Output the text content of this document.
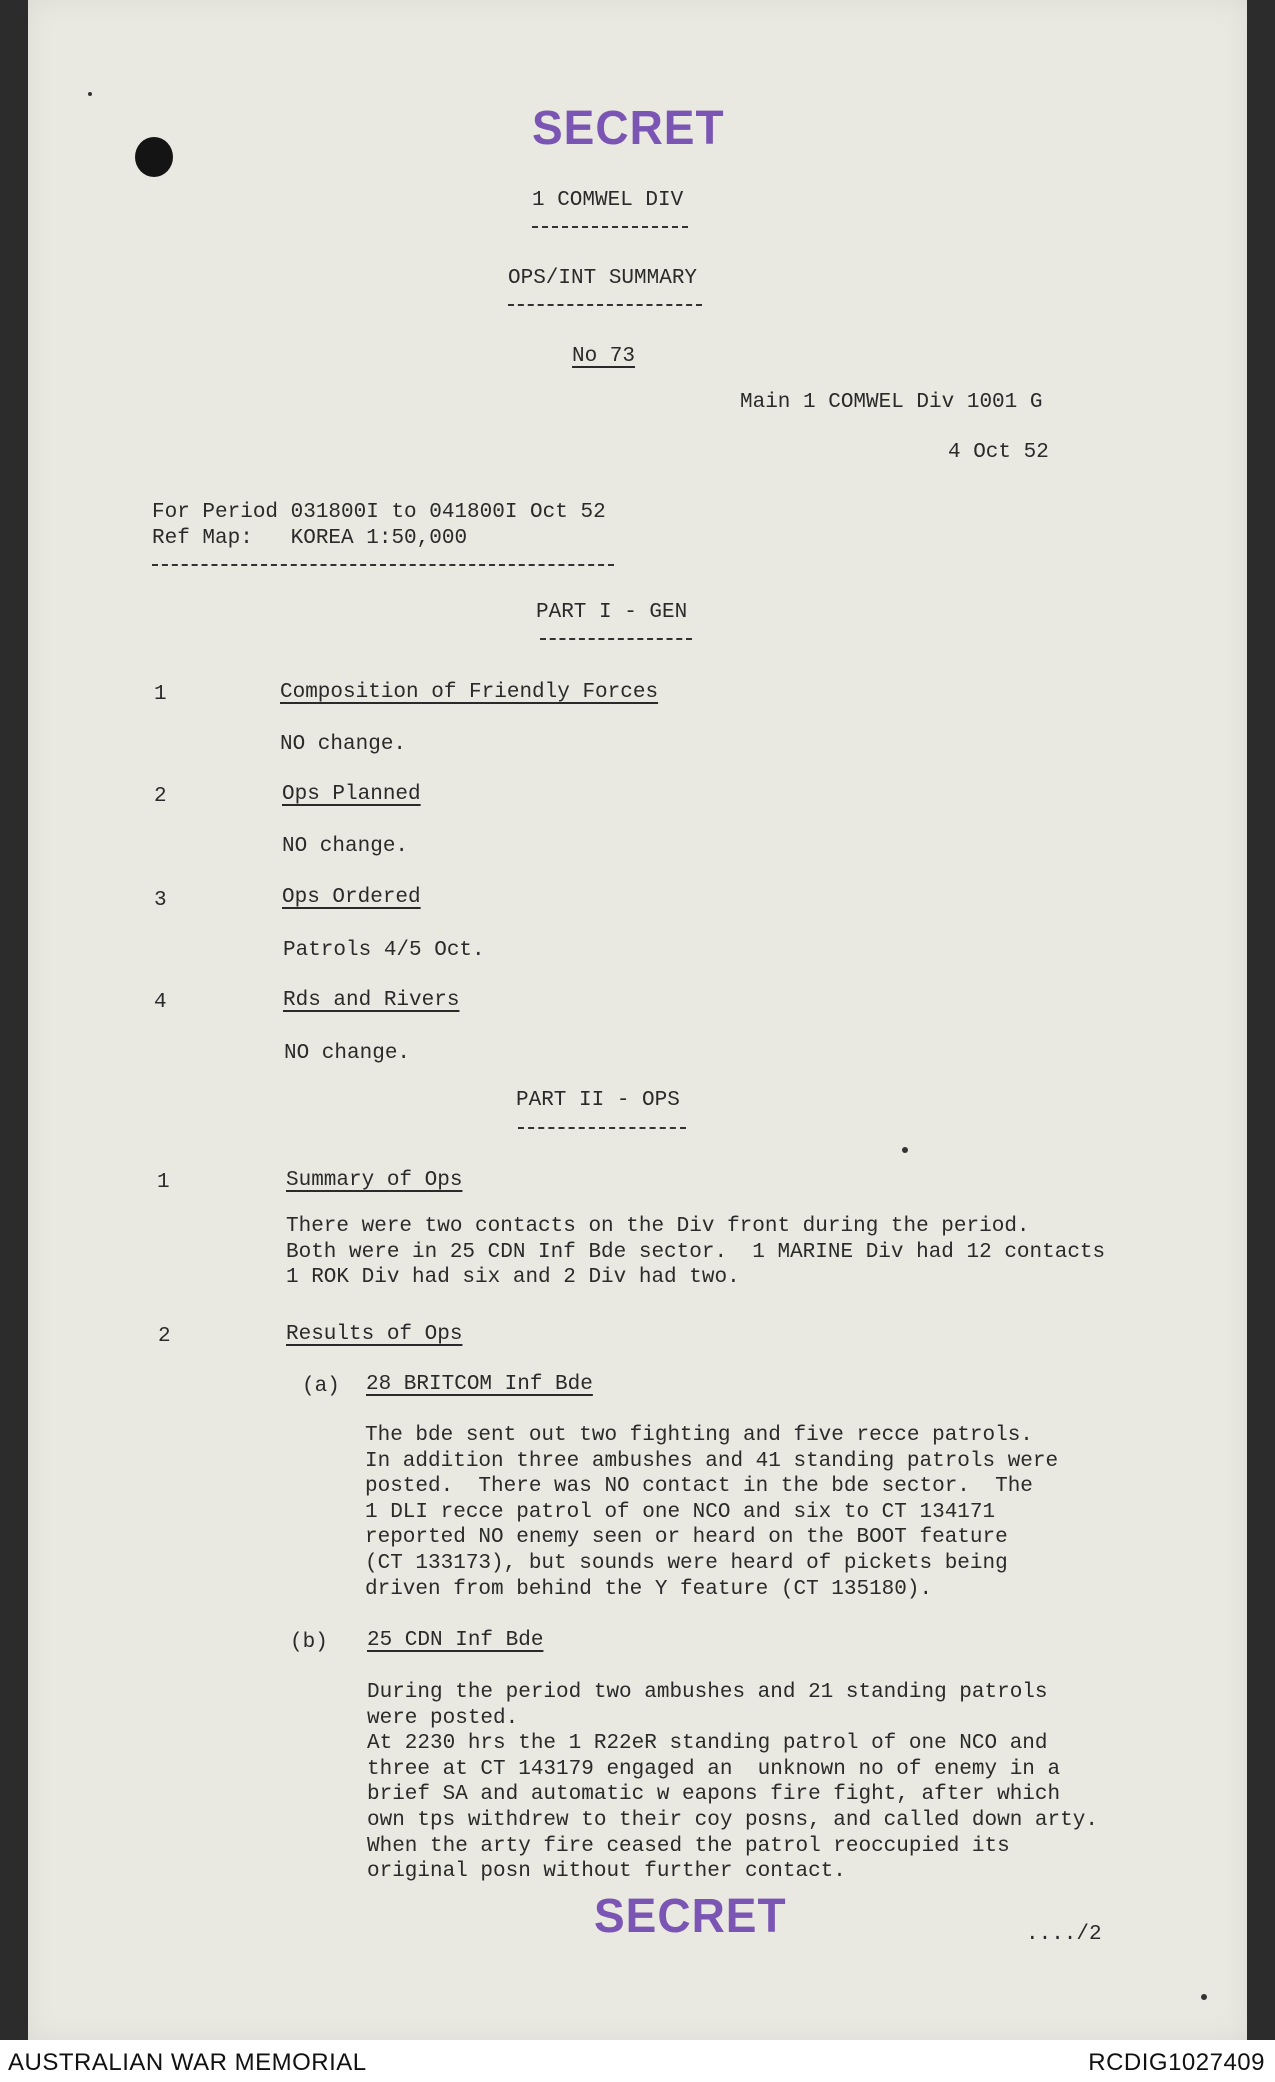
SECRET
1 COMWEL DIV
OPS/INT SUMMARY
No 73
Main 1 COMWEL Div 1001 G
4 Oct 52
For Period 031800I to 041800I Oct 52
Ref Map:   KOREA 1:50,000
PART I - GEN
1	Composition of Friendly Forces
NO change.
2	Ops Planned
NO change.
3	Ops Ordered
Patrols 4/5 Oct.
4	Rds and Rivers
NO change.
PART II - OPS
1	Summary of Ops
There were two contacts on the Div front during the period.
Both were in 25 CDN Inf Bde sector.  1 MARINE Div had 12 contacts
1 ROK Div had six and 2 Div had two.
2	Results of Ops
(a) 28 BRITCOM Inf Bde
The bde sent out two fighting and five recce patrols.
In addition three ambushes and 41 standing patrols were
posted.  There was NO contact in the bde sector.  The
1 DLI recce patrol of one NCO and six to CT 134171
reported NO enemy seen or heard on the BOOT feature
(CT 133173), but sounds were heard of pickets being
driven from behind the Y feature (CT 135180).
(b) 25 CDN Inf Bde
During the period two ambushes and 21 standing patrols
were posted.
At 2230 hrs the 1 R22eR standing patrol of one NCO and
three at CT 143179 engaged an  unknown no of enemy in a
brief SA and automatic w eapons fire fight, after which
own tps withdrew to their coy posns, and called down arty.
When the arty fire ceased the patrol reoccupied its
original posn without further contact.
SECRET	..../2
AUSTRALIAN WAR MEMORIAL	RCDIG1027409
